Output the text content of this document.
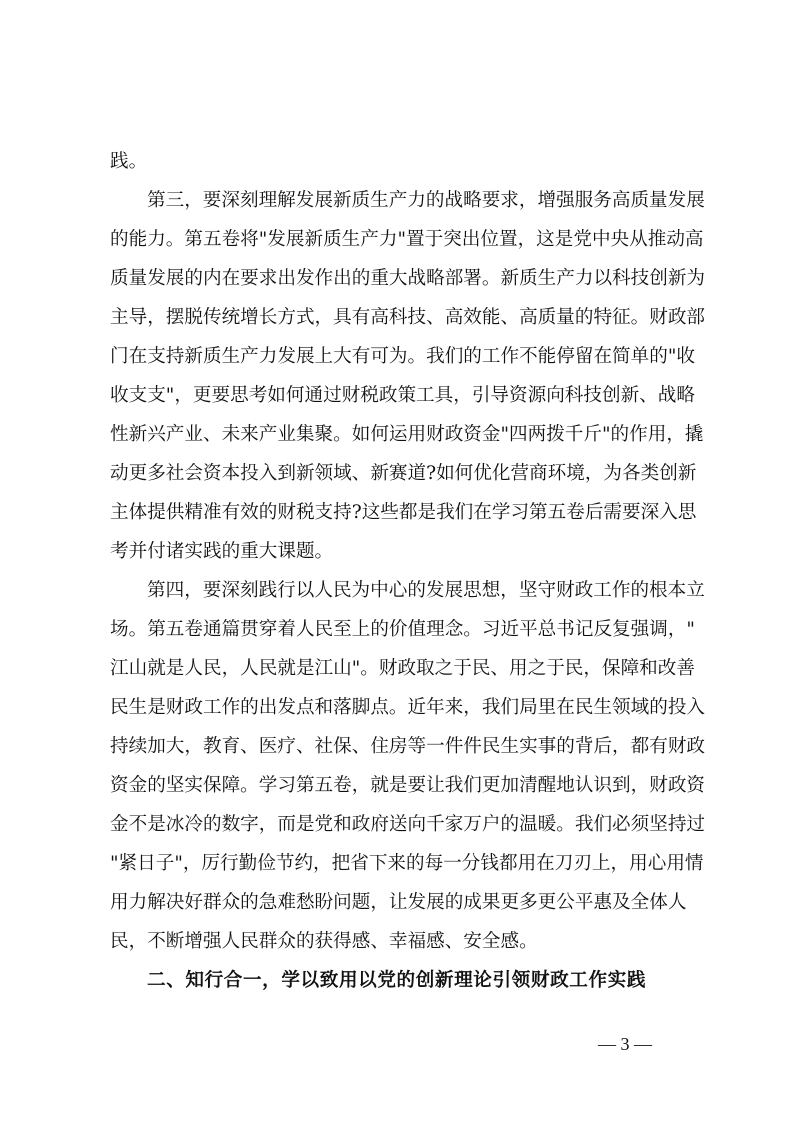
践。
第三，要深刻理解发展新质生产力的战略要求，增强服务高质量发展
的能力。第五卷将"发展新质生产力"置于突出位置，这是党中央从推动高
质量发展的内在要求出发作出的重大战略部署。新质生产力以科技创新为
主导，摆脱传统增长方式，具有高科技、高效能、高质量的特征。财政部
门在支持新质生产力发展上大有可为。我们的工作不能停留在简单的"收
收支支"，更要思考如何通过财税政策工具，引导资源向科技创新、战略
性新兴产业、未来产业集聚。如何运用财政资金"四两拨千斤"的作用，撬
动更多社会资本投入到新领域、新赛道?如何优化营商环境，为各类创新
主体提供精准有效的财税支持?这些都是我们在学习第五卷后需要深入思
考并付诸实践的重大课题。
第四，要深刻践行以人民为中心的发展思想，坚守财政工作的根本立
场。第五卷通篇贯穿着人民至上的价值理念。习近平总书记反复强调，"
江山就是人民，人民就是江山"。财政取之于民、用之于民，保障和改善
民生是财政工作的出发点和落脚点。近年来，我们局里在民生领域的投入
持续加大，教育、医疗、社保、住房等一件件民生实事的背后，都有财政
资金的坚实保障。学习第五卷，就是要让我们更加清醒地认识到，财政资
金不是冰冷的数字，而是党和政府送向千家万户的温暖。我们必须坚持过
"紧日子"，厉行勤俭节约，把省下来的每一分钱都用在刀刃上，用心用情
用力解决好群众的急难愁盼问题，让发展的成果更多更公平惠及全体人
民，不断增强人民群众的获得感、幸福感、安全感。
二、知行合一，学以致用以党的创新理论引领财政工作实践
— 3 —
